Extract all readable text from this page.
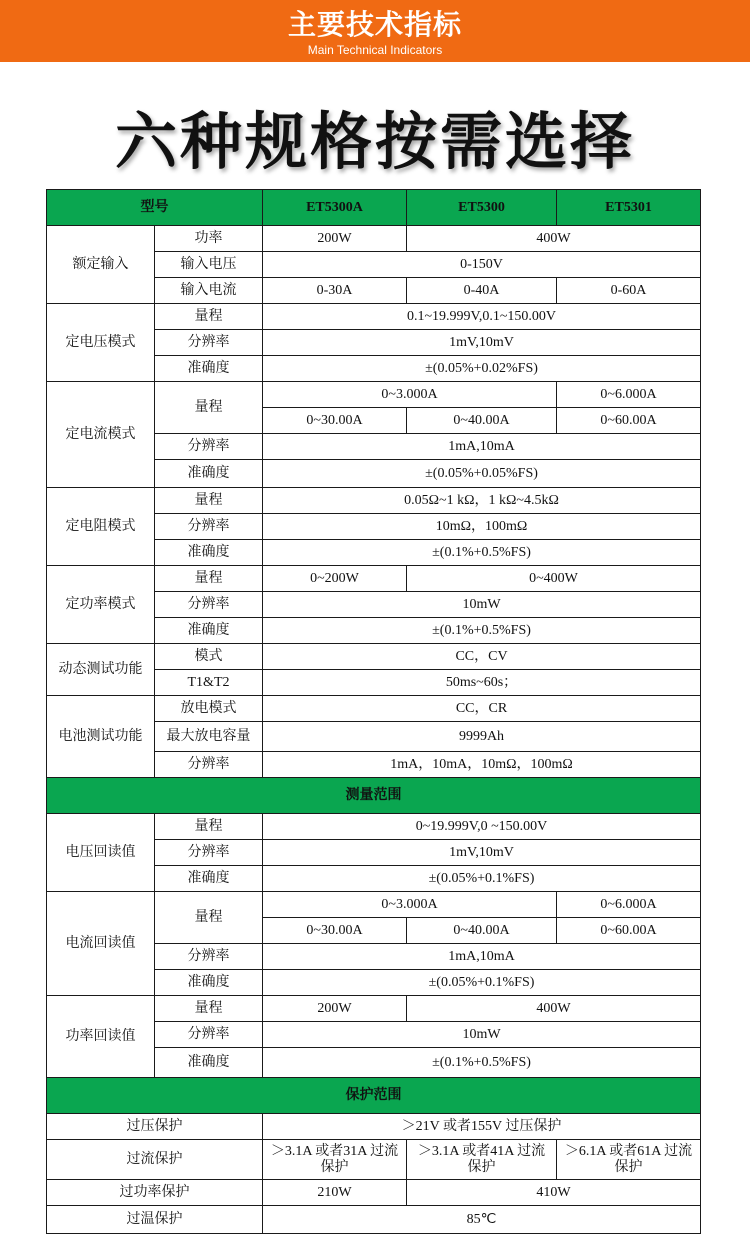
主要技术指标
Main Technical Indicators
六种规格按需选择
型号		ET5300A	ET5300	ET5301
额定输入	功率	200W	400W	
	输入电压	0-150V		
	输入电流	0-30A	0-40A	0-60A
定电压模式	量程	0.1~19.999V,0.1~150.00V		
	分辨率	1mV,10mV		
	准确度	±(0.05%+0.02%FS)		
定电流模式	量程	0~3.000A		0~6.000A
		0~30.00A	0~40.00A	0~60.00A
	分辨率	1mA,10mA		
	准确度	±(0.05%+0.05%FS)		
定电阻模式	量程	0.05Ω~1 kΩ，1 kΩ~4.5kΩ		
	分辨率	10mΩ，100mΩ		
	准确度	±(0.1%+0.5%FS)		
定功率模式	量程	0~200W	0~400W	
	分辨率	10mW		
	准确度	±(0.1%+0.5%FS)		
动态测试功能	模式	CC，CV		
	T1&T2	50ms~60s；		
电池测试功能	放电模式	CC，CR		
	最大放电容量	9999Ah		
	分辨率	1mA，10mA，10mΩ，100mΩ		
测量范围				
电压回读值	量程	0~19.999V,0 ~150.00V		
	分辨率	1mV,10mV		
	准确度	±(0.05%+0.1%FS)		
电流回读值	量程	0~3.000A		0~6.000A
		0~30.00A	0~40.00A	0~60.00A
	分辨率	1mA,10mA		
	准确度	±(0.05%+0.1%FS)		
功率回读值	量程	200W	400W	
	分辨率	10mW		
	准确度	±(0.1%+0.5%FS)		
保护范围				
过压保护		＞21V 或者155V 过压保护		
过流保护		＞3.1A 或者31A 过流保护	＞3.1A 或者41A 过流保护	＞6.1A 或者61A 过流保护
过功率保护		210W	410W	
过温保护		85℃		
